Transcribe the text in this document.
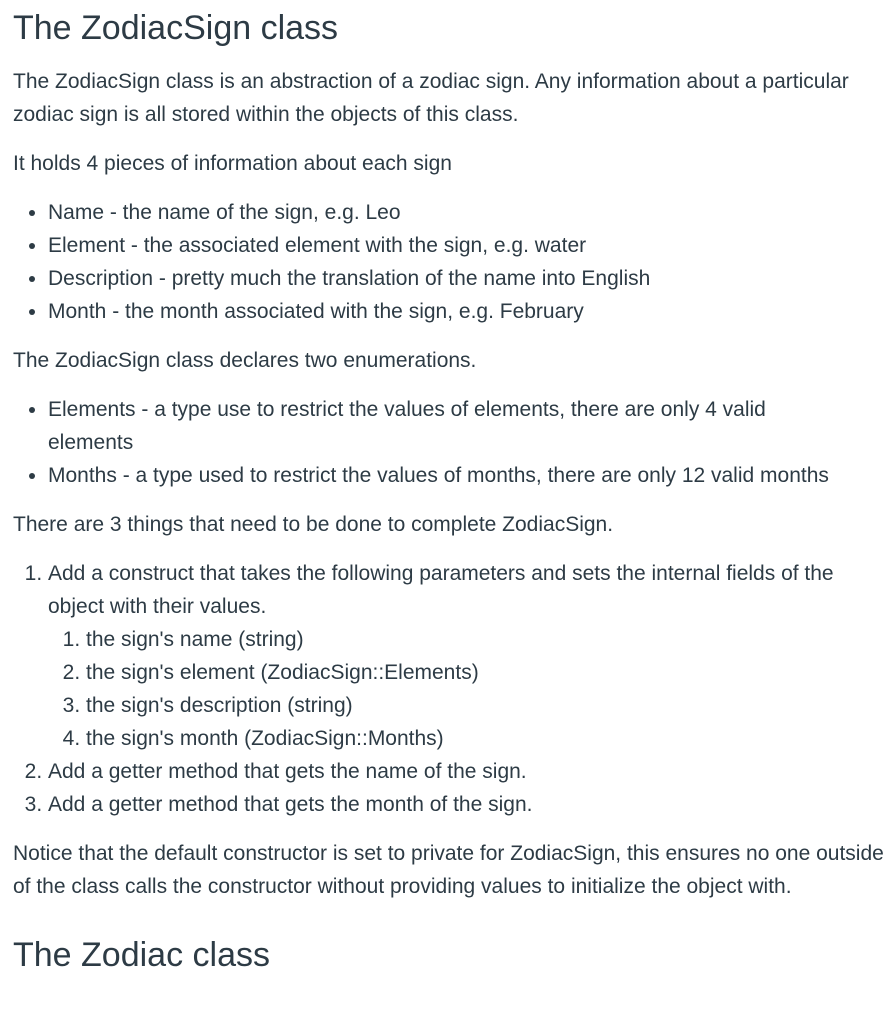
The ZodiacSign class

The ZodiacSign class is an abstraction of a zodiac sign. Any information about a particular zodiac sign is all stored within the objects of this class.

It holds 4 pieces of information about each sign

• Name - the name of the sign, e.g. Leo
• Element - the associated element with the sign, e.g. water
• Description - pretty much the translation of the name into English
• Month - the month associated with the sign, e.g. February

The ZodiacSign class declares two enumerations.

• Elements - a type use to restrict the values of elements, there are only 4 valid elements
• Months - a type used to restrict the values of months, there are only 12 valid months

There are 3 things that need to be done to complete ZodiacSign.

1. Add a construct that takes the following parameters and sets the internal fields of the object with their values.
1. the sign's name (string)
2. the sign's element (ZodiacSign::Elements)
3. the sign's description (string)
4. the sign's month (ZodiacSign::Months)
2. Add a getter method that gets the name of the sign.
3. Add a getter method that gets the month of the sign.

Notice that the default constructor is set to private for ZodiacSign, this ensures no one outside of the class calls the constructor without providing values to initialize the object with.

The Zodiac class
